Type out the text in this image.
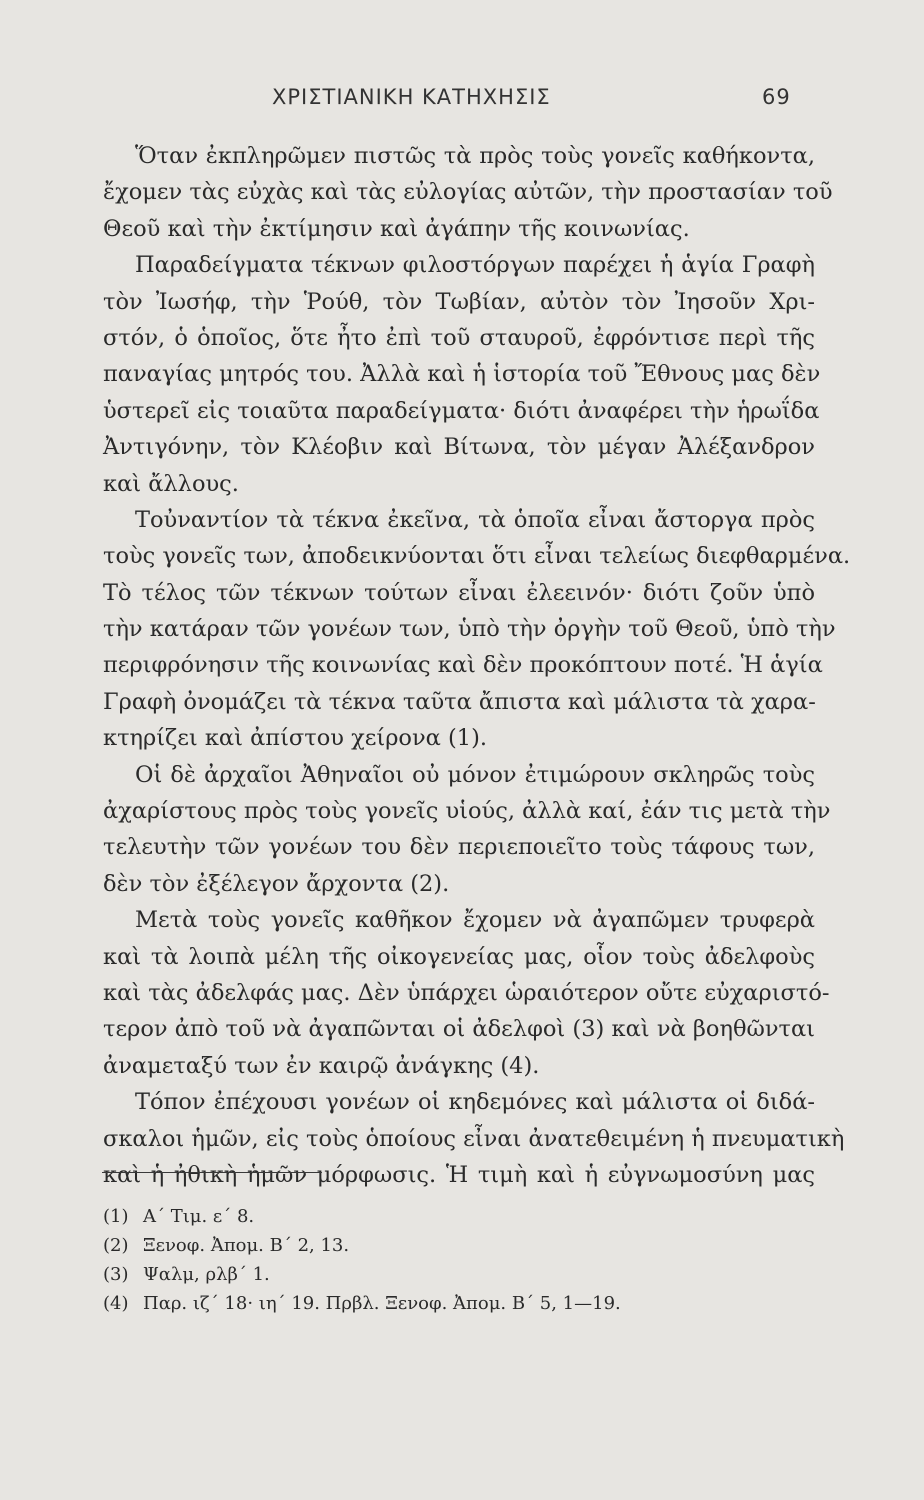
ΧΡΙΣΤΙΑΝΙΚΗ ΚΑΤΗΧΗΣΙΣ	69
Ὅταν ἐκπληρῶμεν πιστῶς τὰ πρὸς τοὺς γονεῖς καθήκοντα,
ἔχομεν τὰς εὐχὰς καὶ τὰς εὐλογίας αὐτῶν, τὴν προστασίαν τοῦ
Θεοῦ καὶ τὴν ἐκτίμησιν καὶ ἀγάπην τῆς κοινωνίας.
Παραδείγματα τέκνων φιλοστόργων παρέχει ἡ ἁγία Γραφὴ
τὸν Ἰωσήφ, τὴν Ῥούθ, τὸν Τωβίαν, αὐτὸν τὸν Ἰησοῦν Χρι-
στόν, ὁ ὁποῖος, ὅτε ἦτο ἐπὶ τοῦ σταυροῦ, ἐφρόντισε περὶ τῆς
παναγίας μητρός του. Ἀλλὰ καὶ ἡ ἱστορία τοῦ Ἔθνους μας δὲν
ὑστερεῖ εἰς τοιαῦτα παραδείγματα· διότι ἀναφέρει τὴν ἡρωΐδα
Ἀντιγόνην, τὸν Κλέοβιν καὶ Βίτωνα, τὸν μέγαν Ἀλέξανδρον
καὶ ἄλλους.
Τοὐναντίον τὰ τέκνα ἐκεῖνα, τὰ ὁποῖα εἶναι ἄστοργα πρὸς
τοὺς γονεῖς των, ἀποδεικνύονται ὅτι εἶναι τελείως διεφθαρμένα.
Τὸ τέλος τῶν τέκνων τούτων εἶναι ἐλεεινόν· διότι ζοῦν ὑπὸ
τὴν κατάραν τῶν γονέων των, ὑπὸ τὴν ὀργὴν τοῦ Θεοῦ, ὑπὸ τὴν
περιφρόνησιν τῆς κοινωνίας καὶ δὲν προκόπτουν ποτέ. Ἡ ἁγία
Γραφὴ ὀνομάζει τὰ τέκνα ταῦτα ἄπιστα καὶ μάλιστα τὰ χαρα-
κτηρίζει καὶ ἀπίστου χείρονα (1).
Οἱ δὲ ἀρχαῖοι Ἀθηναῖοι οὐ μόνον ἐτιμώρουν σκληρῶς τοὺς
ἀχαρίστους πρὸς τοὺς γονεῖς υἱούς, ἀλλὰ καί, ἐάν τις μετὰ τὴν
τελευτὴν τῶν γονέων του δὲν περιεποιεῖτο τοὺς τάφους των,
δὲν τὸν ἐξέλεγον ἄρχοντα (2).
Μετὰ τοὺς γονεῖς καθῆκον ἔχομεν νὰ ἀγαπῶμεν τρυφερὰ
καὶ τὰ λοιπὰ μέλη τῆς οἰκογενείας μας, οἷον τοὺς ἀδελφοὺς
καὶ τὰς ἀδελφάς μας. Δὲν ὑπάρχει ὡραιότερον οὔτε εὐχαριστό-
τερον ἀπὸ τοῦ νὰ ἀγαπῶνται οἱ ἀδελφοὶ (3) καὶ νὰ βοηθῶνται
ἀναμεταξύ των ἐν καιρῷ ἀνάγκης (4).
Τόπον ἐπέχουσι γονέων οἱ κηδεμόνες καὶ μάλιστα οἱ διδά-
σκαλοι ἡμῶν, εἰς τοὺς ὁποίους εἶναι ἀνατεθειμένη ἡ πνευματικὴ
καὶ ἡ ἠθικὴ ἡμῶν μόρφωσις. Ἡ τιμὴ καὶ ἡ εὐγνωμοσύνη μας
(1) Α΄ Τιμ. ε΄ 8.
(2) Ξενοφ. Ἀπομ. Β΄ 2, 13.
(3) Ψαλμ, ρλβ΄ 1.
(4) Παρ. ιζ΄ 18· ιη΄ 19. Πρβλ. Ξενοφ. Ἀπομ. Β΄ 5, 1—19.
